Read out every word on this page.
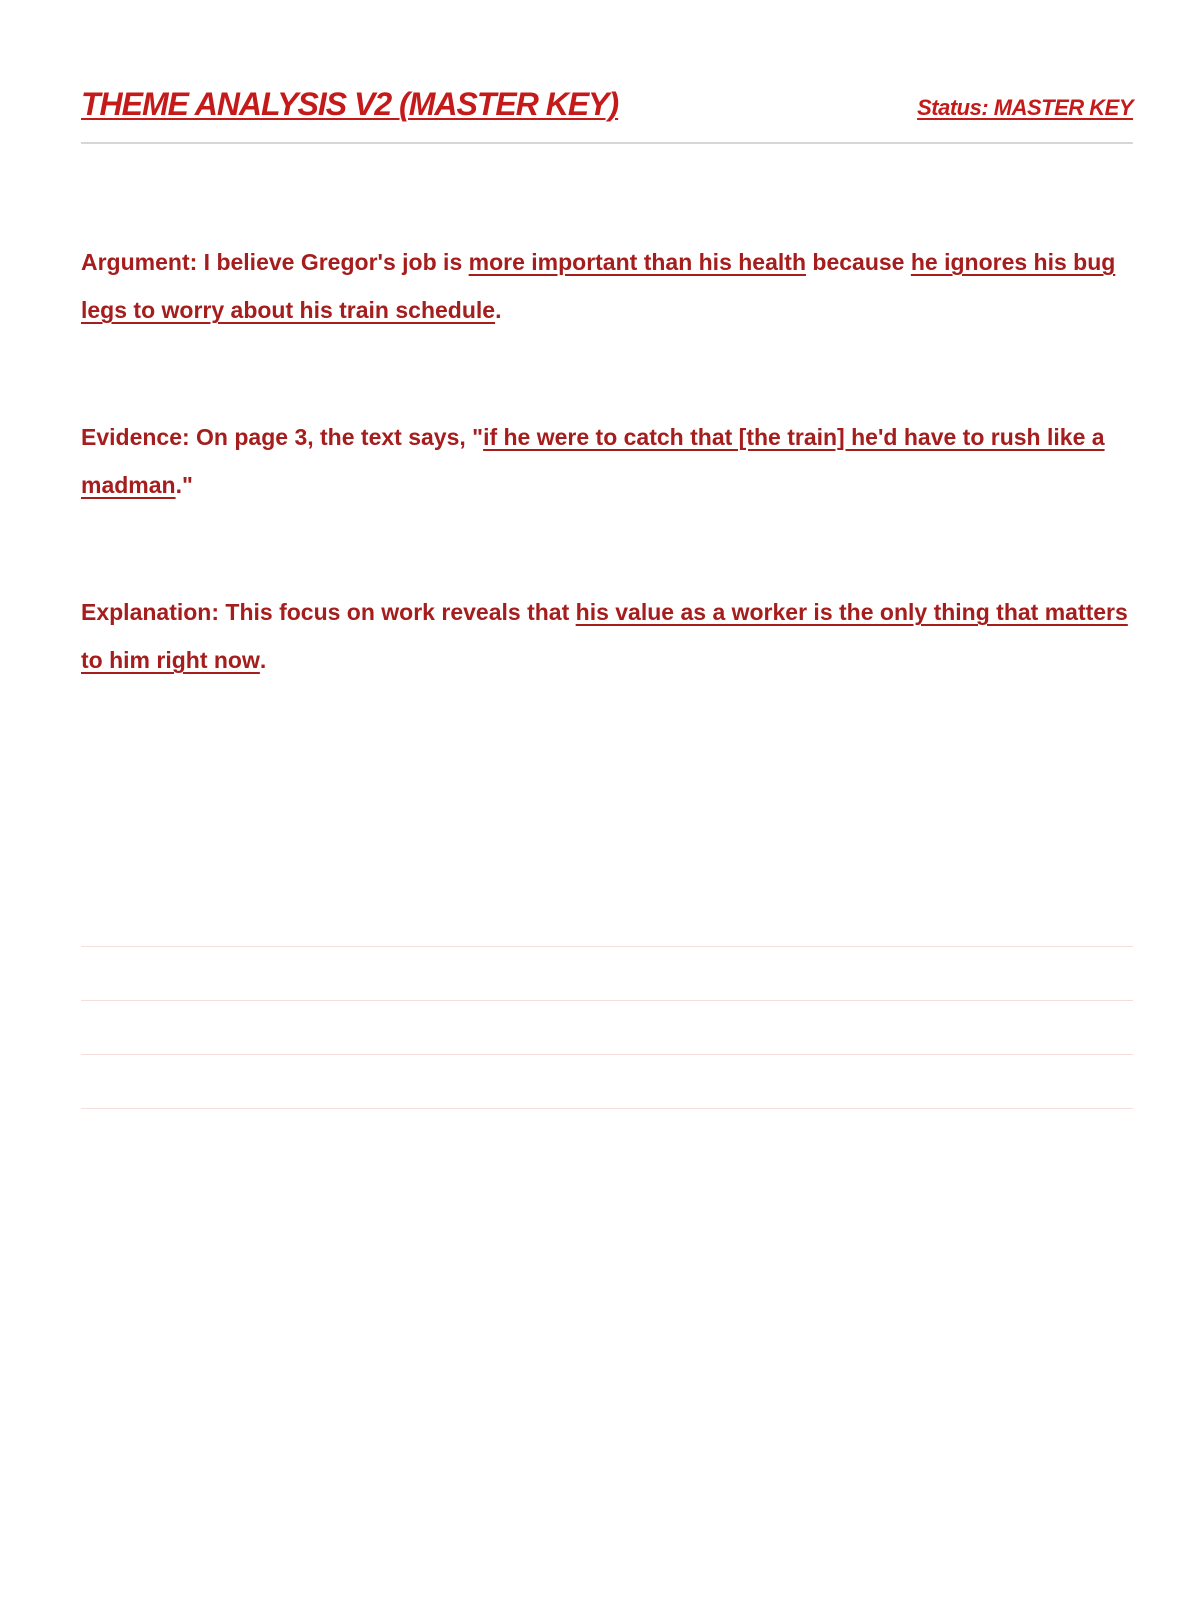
THEME ANALYSIS V2 (MASTER KEY)	Status: MASTER KEY

Argument: I believe Gregor's job is more important than his health because he ignores his bug legs to worry about his train schedule.

Evidence: On page 3, the text says, "if he were to catch that [the train] he'd have to rush like a madman."

Explanation: This focus on work reveals that his value as a worker is the only thing that matters to him right now.
